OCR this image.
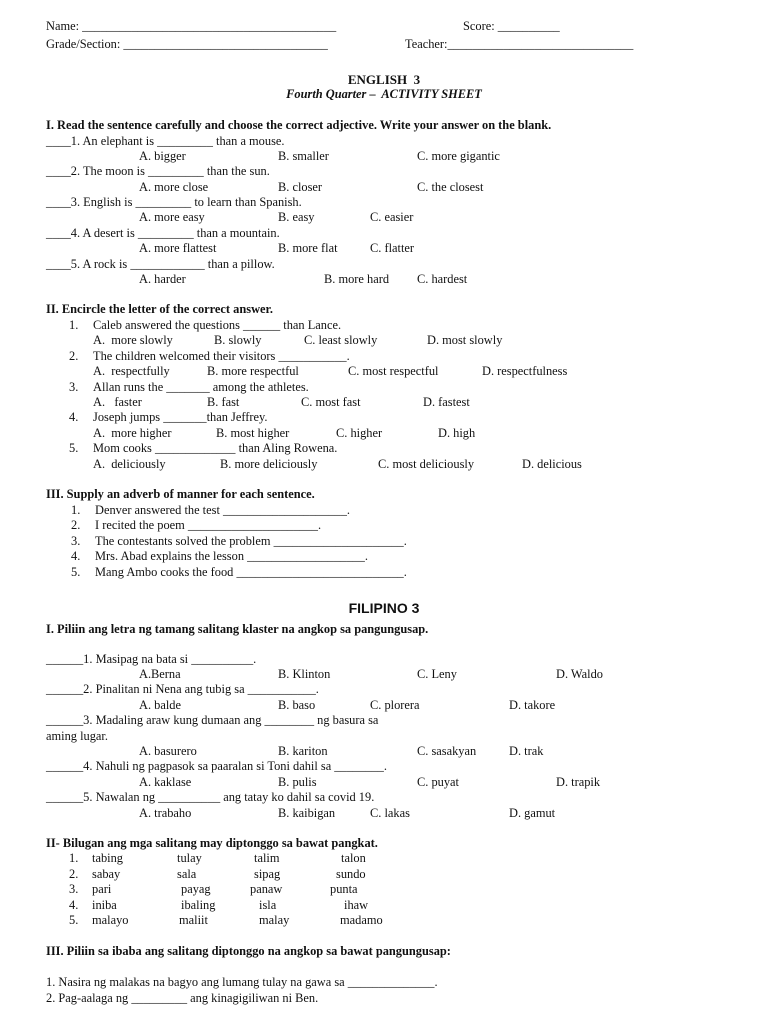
Name: _________________________________________	Score: __________
Grade/Section: _________________________________	Teacher:______________________________
ENGLISH  3
Fourth Quarter –  ACTIVITY SHEET
I. Read the sentence carefully and choose the correct adjective. Write your answer on the blank.
____1. An elephant is _________ than a mouse.
A. bigger	B. smaller	C. more gigantic
____2. The moon is _________ than the sun.
A. more close	B. closer	C. the closest
____3. English is _________ to learn than Spanish.
A. more easy	B. easy	C. easier
____4. A desert is _________ than a mountain.
A. more flattest	B. more flat	C. flatter
____5. A rock is ____________ than a pillow.
A. harder	B. more hard C. hardest
II. Encircle the letter of the correct answer.
1. Caleb answered the questions ______ than Lance.
A.  more slowly	B. slowly	C. least slowly	D. most slowly
2. The children welcomed their visitors ___________.
A.  respectfully	B. more respectful	C. most respectful	D. respectfulness
3. Allan runs the _______ among the athletes.
A.   faster	B. fast	C. most fast	D. fastest
4. Joseph jumps _______than Jeffrey.
A.  more higher	B. most higher	C. higher	D. high
5. Mom cooks _____________ than Aling Rowena.
A.  deliciously	B. more deliciously	C. most deliciously	D. delicious
III. Supply an adverb of manner for each sentence.
1. Denver answered the test ____________________.
2. I recited the poem _____________________.
3. The contestants solved the problem _____________________.
4. Mrs. Abad explains the lesson ___________________.
5. Mang Ambo cooks the food ___________________________.
FILIPINO 3
I. Piliin ang letra ng tamang salitang klaster na angkop sa pangungusap.
______1. Masipag na bata si __________.
A.Berna	B. Klinton	C. Leny	D. Waldo
______2. Pinalitan ni Nena ang tubig sa ___________.
A. balde	B. baso	C. plorera	D. takore
______3. Madaling araw kung dumaan ang ________ ng basura sa
aming lugar.
A. basurero	B. kariton	C. sasakyan	D. trak
______4. Nahuli ng pagpasok sa paaralan si Toni dahil sa ________.
A. kaklase	B. pulis	C. puyat	D. trapik
______5. Nawalan ng __________ ang tatay ko dahil sa covid 19.
A. trabaho	B. kaibigan	C. lakas	D. gamut
II- Bilugan ang mga salitang may diptonggo sa bawat pangkat.
1. tabing	tulay	talim	talon
2. sabay	sala	sipag	sundo
3. pari	payag	panaw	punta
4. iniba	ibaling	isla	ihaw
5. malayo	maliit	malay	madamo
III. Piliin sa ibaba ang salitang diptonggo na angkop sa bawat pangungusap:
1. Nasira ng malakas na bagyo ang lumang tulay na gawa sa ______________.
2. Pag-aalaga ng _________ ang kinagigiliwan ni Ben.
